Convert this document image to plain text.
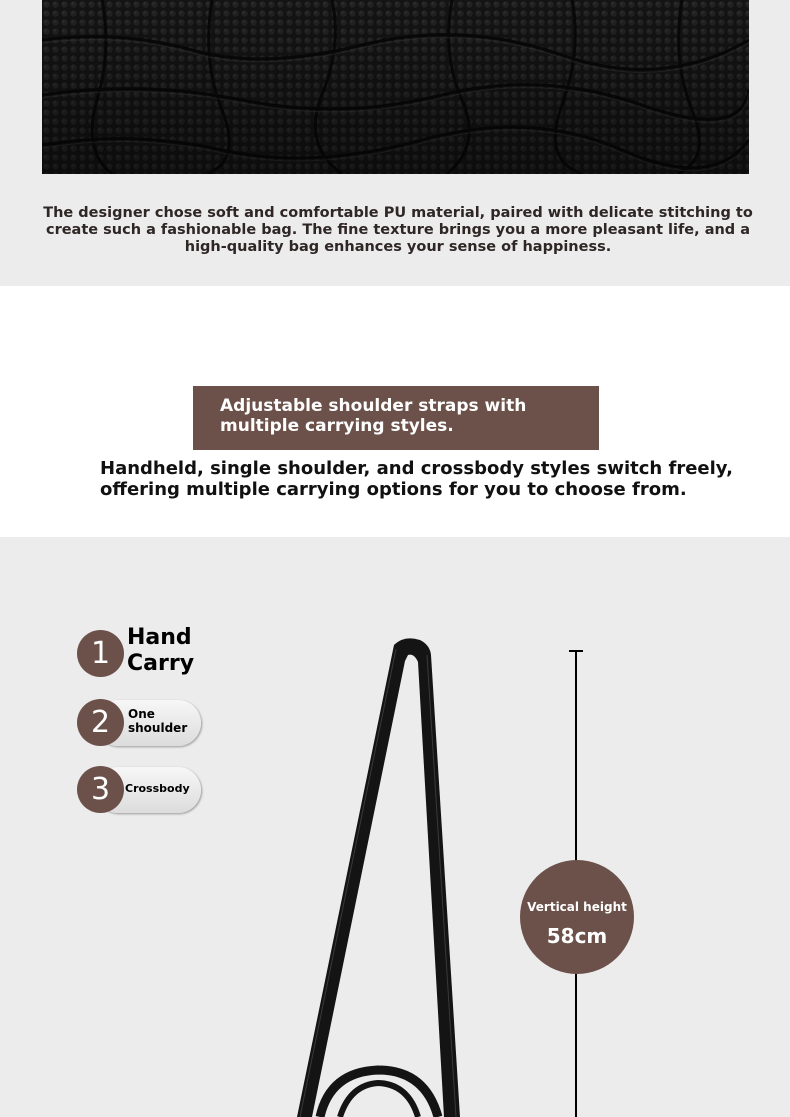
The designer chose soft and comfortable PU material, paired with delicate stitching to create such a fashionable bag. The fine texture brings you a more pleasant life, and a high-quality bag enhances your sense of happiness.

Adjustable shoulder straps with multiple carrying styles.

Handheld, single shoulder, and crossbody styles switch freely, offering multiple carrying options for you to choose from.

1 Hand Carry
2	One shoulder
3	Crossbody
Vertical height
58cm
